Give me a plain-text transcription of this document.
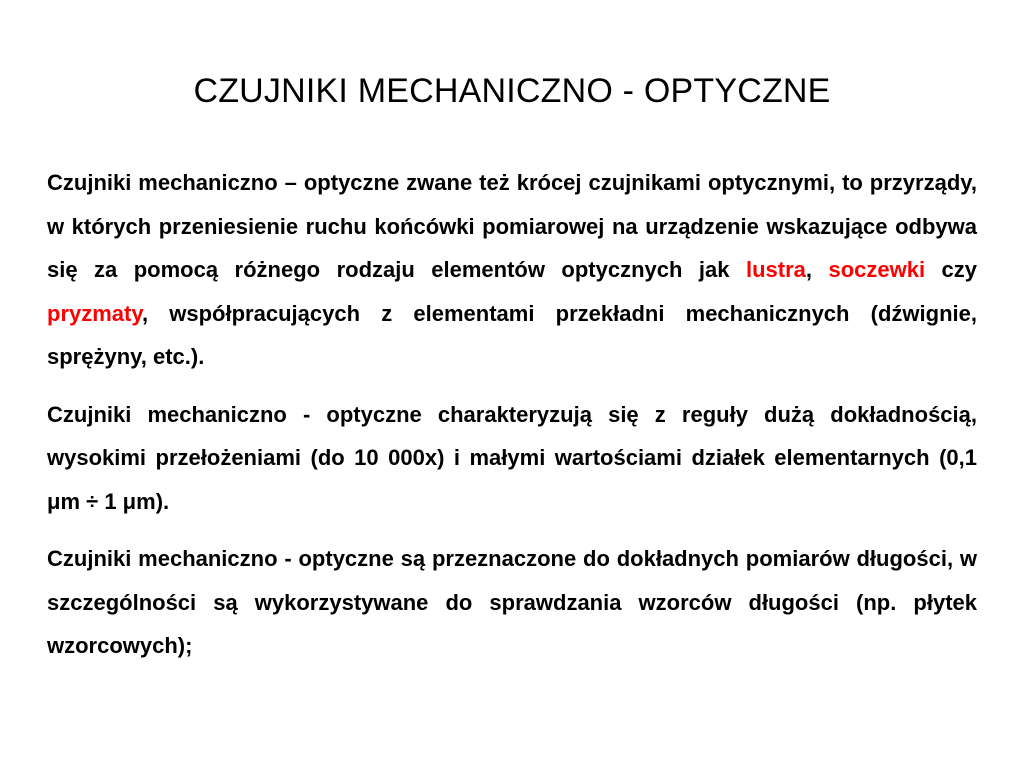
CZUJNIKI MECHANICZNO - OPTYCZNE

Czujniki mechaniczno – optyczne zwane też krócej czujnikami optycznymi, to przyrządy, w których przeniesienie ruchu końcówki pomiarowej na urządzenie wskazujące odbywa się za pomocą różnego rodzaju elementów optycznych jak lustra, soczewki czy pryzmaty, współpracujących z elementami przekładni mechanicznych (dźwignie, sprężyny, etc.).

Czujniki mechaniczno - optyczne charakteryzują się z reguły dużą dokładnością, wysokimi przełożeniami (do 10 000x) i małymi wartościami działek elementarnych (0,1 μm ÷ 1 μm).

Czujniki mechaniczno - optyczne są przeznaczone do dokładnych pomiarów długości, w szczególności są wykorzystywane do sprawdzania wzorców długości (np. płytek wzorcowych);
